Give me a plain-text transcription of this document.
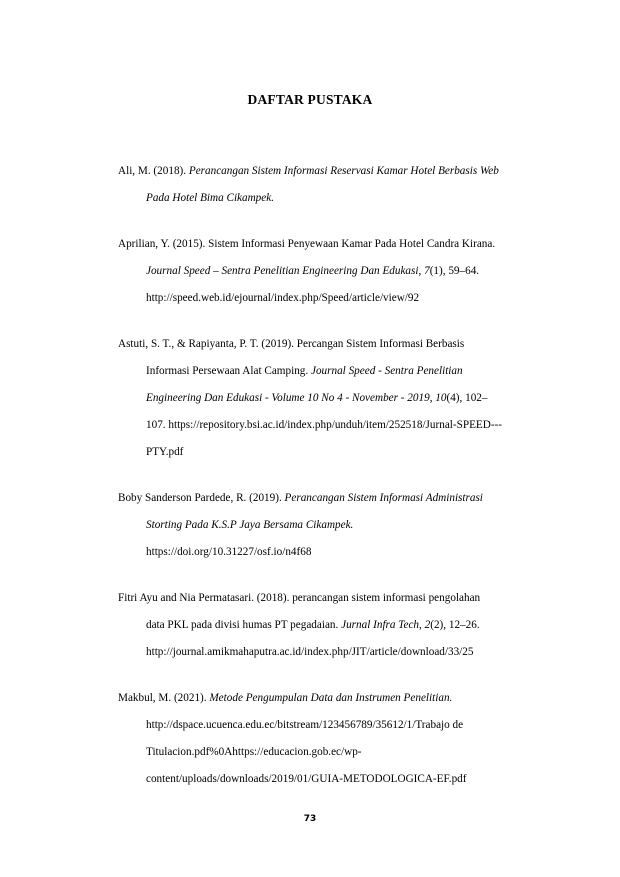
DAFTAR PUSTAKA

Ali, M. (2018). Perancangan Sistem Informasi Reservasi Kamar Hotel Berbasis Web
Pada Hotel Bima Cikampek.

Aprilian, Y. (2015). Sistem Informasi Penyewaan Kamar Pada Hotel Candra Kirana.
Journal Speed – Sentra Penelitian Engineering Dan Edukasi, 7(1), 59–64.
http://speed.web.id/ejournal/index.php/Speed/article/view/92

Astuti, S. T., & Rapiyanta, P. T. (2019). Percangan Sistem Informasi Berbasis
Informasi Persewaan Alat Camping. Journal Speed - Sentra Penelitian
Engineering Dan Edukasi - Volume 10 No 4 - November - 2019, 10(4), 102–
107. https://repository.bsi.ac.id/index.php/unduh/item/252518/Jurnal-SPEED---
PTY.pdf

Boby Sanderson Pardede, R. (2019). Perancangan Sistem Informasi Administrasi
Storting Pada K.S.P Jaya Bersama Cikampek.
https://doi.org/10.31227/osf.io/n4f68

Fitri Ayu and Nia Permatasari. (2018). perancangan sistem informasi pengolahan
data PKL pada divisi humas PT pegadaian. Jurnal Infra Tech, 2(2), 12–26.
http://journal.amikmahaputra.ac.id/index.php/JIT/article/download/33/25

Makbul, M. (2021). Metode Pengumpulan Data dan Instrumen Penelitian.
http://dspace.ucuenca.edu.ec/bitstream/123456789/35612/1/Trabajo de
Titulacion.pdf%0Ahttps://educacion.gob.ec/wp-
content/uploads/downloads/2019/01/GUIA-METODOLOGICA-EF.pdf

73
